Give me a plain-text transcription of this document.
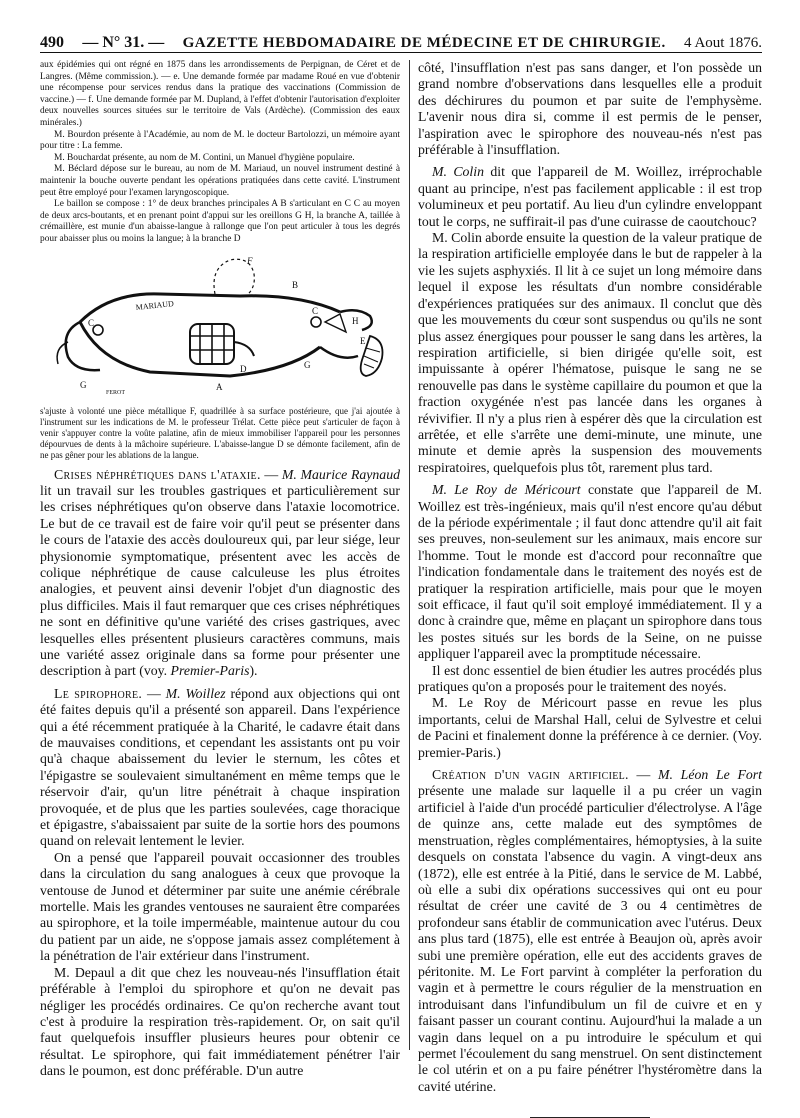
490 — N° 31. — GAZETTE HEBDOMADAIRE DE MÉDECINE ET DE CHIRURGIE. 4 Aout 1876.

aux épidémies qui ont régné en 1875 dans les arrondissements de Perpignan, de Céret et de Langres. (Même commission.). — e. Une demande formée par madame Roué en vue d'obtenir une récompense pour services rendus dans la pratique des vaccinations (Commission de vaccine.) — f. Une demande formée par M. Dupland, à l'effet d'obtenir l'autorisation d'exploiter deux nouvelles sources situées sur le territoire de Vals (Ardèche). (Commission des eaux minérales.)

M. Bourdon présente à l'Académie, au nom de M. le docteur Bartolozzi, un mémoire ayant pour titre : La femme.

M. Bouchardat présente, au nom de M. Contini, un Manuel d'hygiène populaire.

M. Béclard dépose sur le bureau, au nom de M. Mariaud, un nouvel instrument destiné à maintenir la bouche ouverte pendant les opérations pratiquées dans cette cavité. L'instrument peut être employé pour l'examen laryngoscopique.

Le baillon se compose : 1° de deux branches principales A B s'articulant en C C au moyen de deux arcs-boutants, et en prenant point d'appui sur les oreillons G H, la branche A, taillée à crémaillère, est munie d'un abaisse-langue à rallonge que l'on peut articuler à tous les degrés pour abaisser plus ou moins la langue; à la branche D

MARIAUD
FEROT
F
B
C
H
C
D
E
G
G
A

s'ajuste à volonté une pièce métallique F, quadrillée à sa surface postérieure, que j'ai ajoutée à l'instrument sur les indications de M. le professeur Trélat. Cette pièce peut s'articuler de façon à venir s'appuyer contre la voûte palatine, afin de mieux immobiliser l'appareil pour les personnes dépourvues de dents à la mâchoire supérieure. L'abaisse-langue D se démonte facilement, afin de ne pas gêner pour les ablations de la langue.

Crises néphrétiques dans l'ataxie. — M. Maurice Raynaud lit un travail sur les troubles gastriques et particulièrement sur les crises néphrétiques qu'on observe dans l'ataxie locomotrice. Le but de ce travail est de faire voir qu'il peut se présenter dans le cours de l'ataxie des accès douloureux qui, par leur siége, leur physionomie symptomatique, présentent avec les accès de colique néphrétique de cause calculeuse les plus étroites analogies, et peuvent ainsi devenir l'objet d'un diagnostic des plus difficiles. Mais il faut remarquer que ces crises néphrétiques ne sont en définitive qu'une variété des crises gastriques, avec lesquelles elles présentent plusieurs caractères communs, mais une variété assez originale dans sa forme pour présenter une description à part (voy. Premier-Paris).

Le spirophore. — M. Woillez répond aux objections qui ont été faites depuis qu'il a présenté son appareil. Dans l'expérience qui a été récemment pratiquée à la Charité, le cadavre était dans de mauvaises conditions, et cependant les assistants ont pu voir qu'à chaque abaissement du levier le sternum, les côtes et l'épigastre se soulevaient simultanément en même temps que le réservoir d'air, qu'un litre pénétrait à chaque inspiration provoquée, et de plus que les parties soulevées, cage thoracique et épigastre, s'abaissaient par suite de la sortie hors des poumons quand on relevait lentement le levier.

On a pensé que l'appareil pouvait occasionner des troubles dans la circulation du sang analogues à ceux que provoque la ventouse de Junod et déterminer par suite une anémie cérébrale mortelle. Mais les grandes ventouses ne sauraient être comparées au spirophore, et la toile imperméable, maintenue autour du cou du patient par un aide, ne s'oppose jamais assez complétement à la pénétration de l'air extérieur dans l'instrument.

M. Depaul a dit que chez les nouveau-nés l'insufflation était préférable à l'emploi du spirophore et qu'on ne devait pas négliger les procédés ordinaires. Ce qu'on recherche avant tout c'est à produire la respiration très-rapidement. Or, on sait qu'il faut quelquefois insuffler plusieurs heures pour obtenir ce résultat. Le spirophore, qui fait immédiatement pénétrer l'air dans le poumon, est donc préférable. D'un autre

côté, l'insufflation n'est pas sans danger, et l'on possède un grand nombre d'observations dans lesquelles elle a produit des déchirures du poumon et par suite de l'emphysème. L'avenir nous dira si, comme il est permis de le penser, l'aspiration avec le spirophore des nouveau-nés n'est pas préférable à l'insufflation.

M. Colin dit que l'appareil de M. Woillez, irréprochable quant au principe, n'est pas facilement applicable : il est trop volumineux et peu portatif. Au lieu d'un cylindre enveloppant tout le corps, ne suffirait-il pas d'une cuirasse de caoutchouc?

M. Colin aborde ensuite la question de la valeur pratique de la respiration artificielle employée dans le but de rappeler à la vie les sujets asphyxiés. Il lit à ce sujet un long mémoire dans lequel il expose les résultats d'un nombre considérable d'expériences pratiquées sur des animaux. Il conclut que dès que les mouvements du cœur sont suspendus ou qu'ils ne sont plus assez énergiques pour pousser le sang dans les artères, la respiration artificielle, si bien dirigée qu'elle soit, est impuissante à opérer l'hématose, puisque le sang ne se renouvelle pas dans le système capillaire du poumon et que la fraction oxygénée n'est pas lancée dans les organes à révivifier. Il n'y a plus rien à espérer dès que la circulation est arrêtée, et elle s'arrête une demi-minute, une minute, une minute et demie après la suspension des mouvements respiratoires, quelquefois plus tôt, rarement plus tard.

M. Le Roy de Méricourt constate que l'appareil de M. Woillez est très-ingénieux, mais qu'il n'est encore qu'au début de la période expérimentale ; il faut donc attendre qu'il ait fait ses preuves, non-seulement sur les animaux, mais encore sur l'homme. Tout le monde est d'accord pour reconnaître que l'indication fondamentale dans le traitement des noyés est de pratiquer la respiration artificielle, mais pour que le moyen soit efficace, il faut qu'il soit employé immédiatement. Il y a donc à craindre que, même en plaçant un spirophore dans tous les postes situés sur les bords de la Seine, on ne puisse appliquer l'appareil avec la promptitude nécessaire.

Il est donc essentiel de bien étudier les autres procédés plus pratiques qu'on a proposés pour le traitement des noyés.

M. Le Roy de Méricourt passe en revue les plus importants, celui de Marshal Hall, celui de Sylvestre et celui de Pacini et finalement donne la préférence à ce dernier. (Voy. premier-Paris.)

Création d'un vagin artificiel. — M. Léon Le Fort présente une malade sur laquelle il a pu créer un vagin artificiel à l'aide d'un procédé particulier d'électrolyse. A l'âge de quinze ans, cette malade eut des symptômes de menstruation, règles complémentaires, hémoptysies, à la suite desquels on constata l'absence du vagin. A vingt-deux ans (1872), elle est entrée à la Pitié, dans le service de M. Labbé, où elle a subi dix opérations successives qui ont eu pour résultat de créer une cavité de 3 ou 4 centimètres de profondeur sans établir de communication avec l'utérus. Deux ans plus tard (1875), elle est entrée à Beaujon où, après avoir subi une première opération, elle eut des accidents graves de péritonite. M. Le Fort parvint à compléter la perforation du vagin et à permettre le cours régulier de la menstruation en introduisant dans l'infundibulum un fil de cuivre et en y faisant passer un courant continu. Aujourd'hui la malade a un vagin dans lequel on a pu introduire le spéculum et qui permet l'écoulement du sang menstruel. On sent distinctement le col utérin et on a pu faire pénétrer l'hystéromètre dans la cavité utérine.
